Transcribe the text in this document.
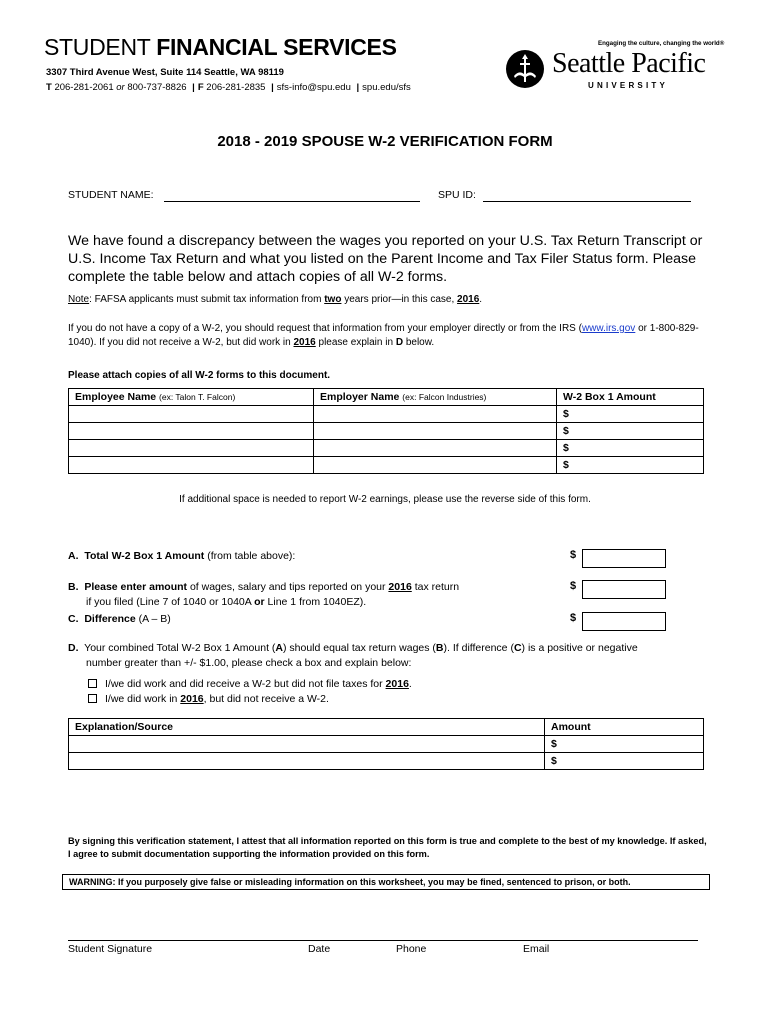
STUDENT FINANCIAL SERVICES
3307 Third Avenue West, Suite 114 Seattle, WA 98119
T 206-281-2061 or 800-737-8826 | F 206-281-2835 | sfs-info@spu.edu | spu.edu/sfs
Engaging the culture, changing the world®
Seattle Pacific
UNIVERSITY
2018 - 2019 SPOUSE W-2 VERIFICATION FORM
STUDENT NAME:	SPU ID:
We have found a discrepancy between the wages you reported on your U.S. Tax Return Transcript or U.S. Income Tax Return and what you listed on the Parent Income and Tax Filer Status form. Please complete the table below and attach copies of all W-2 forms.
Note: FAFSA applicants must submit tax information from two years prior—in this case, 2016.
If you do not have a copy of a W-2, you should request that information from your employer directly or from the IRS (www.irs.gov or 1-800-829-1040). If you did not receive a W-2, but did work in 2016 please explain in D below.
Please attach copies of all W-2 forms to this document.
Employee Name (ex: Talon T. Falcon)	Employer Name (ex: Falcon Industries)	W-2 Box 1 Amount
		$
		$
		$
		$
If additional space is needed to report W-2 earnings, please use the reverse side of this form.
A. Total W-2 Box 1 Amount (from table above):	$
B. Please enter amount of wages, salary and tips reported on your 2016 tax return
if you filed (Line 7 of 1040 or 1040A or Line 1 from 1040EZ).
$
C. Difference (A – B)	$
D. Your combined Total W-2 Box 1 Amount (A) should equal tax return wages (B). If difference (C) is a positive or negative
number greater than +/- $1.00, please check a box and explain below:
I/we did work and did receive a W-2 but did not file taxes for 2016.
I/we did work in 2016, but did not receive a W-2.
Explanation/Source	Amount
	$
	$
By signing this verification statement, I attest that all information reported on this form is true and complete to the best of my knowledge. If asked, I agree to submit documentation supporting the information provided on this form.
WARNING: If you purposely give false or misleading information on this worksheet, you may be fined, sentenced to prison, or both.
Student Signature	Date	Phone	Email
